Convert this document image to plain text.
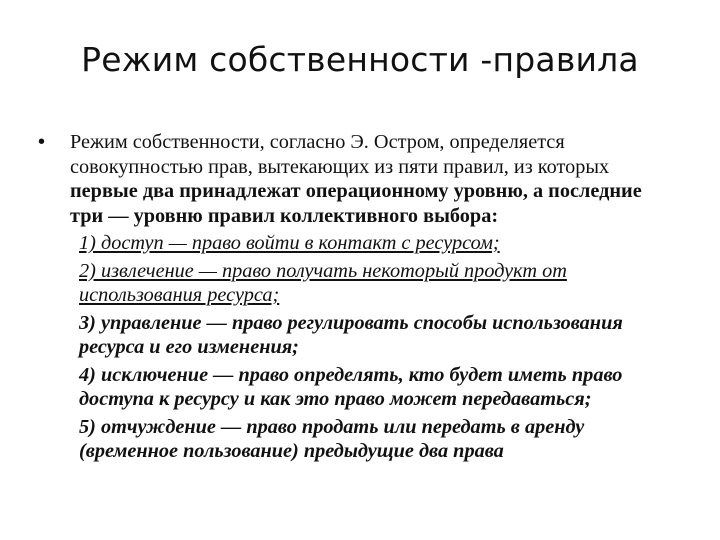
Режим собственности -правила
• Режим собственности, согласно Э. Остром, определяется совокупностью прав, вытекающих из пяти правил, из которых первые два принадлежат операционному уровню, а последние три — уровню правил коллективного выбора:
1) доступ — право войти в контакт с ресурсом;
2) извлечение — право получать некоторый продукт от использования ресурса;
3) управление — право регулировать способы использования ресурса и его изменения;
4) исключение — право определять, кто будет иметь право доступа к ресурсу и как это право может передаваться;
5) отчуждение — право продать или передать в аренду (временное пользование) предыдущие два права
